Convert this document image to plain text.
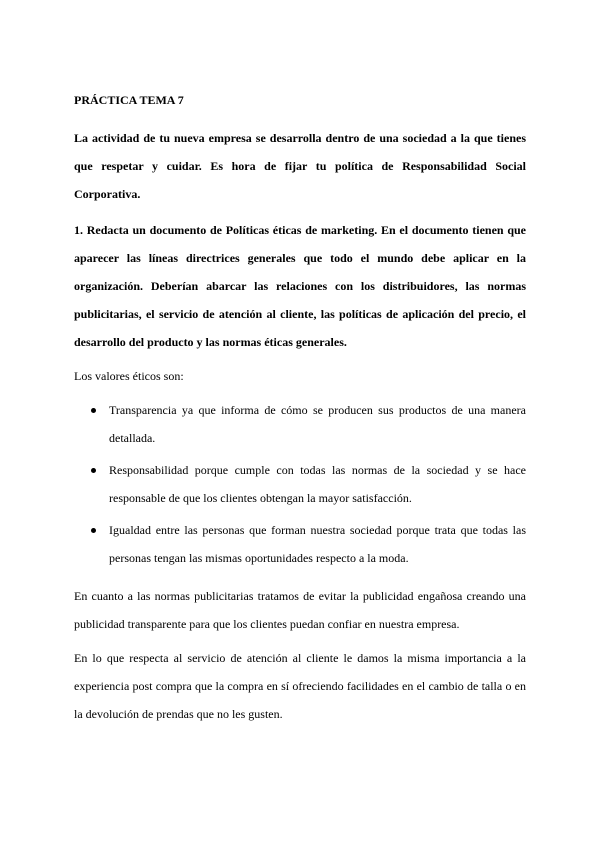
PRÁCTICA TEMA 7

La actividad de tu nueva empresa se desarrolla dentro de una sociedad a la que tienes que respetar y cuidar. Es hora de fijar tu política de Responsabilidad Social Corporativa.

1. Redacta un documento de Políticas éticas de marketing. En el documento tienen que aparecer las líneas directrices generales que todo el mundo debe aplicar en la organización. Deberían abarcar las relaciones con los distribuidores, las normas publicitarias, el servicio de atención al cliente, las políticas de aplicación del precio, el desarrollo del producto y las normas éticas generales.

Los valores éticos son:

Transparencia ya que informa de cómo se producen sus productos de una manera detallada.
Responsabilidad porque cumple con todas las normas de la sociedad y se hace responsable de que los clientes obtengan la mayor satisfacción.
Igualdad entre las personas que forman nuestra sociedad porque trata que todas las personas tengan las mismas oportunidades respecto a la moda.

En cuanto a las normas publicitarias tratamos de evitar la publicidad engañosa creando una publicidad transparente para que los clientes puedan confiar en nuestra empresa.

En lo que respecta al servicio de atención al cliente le damos la misma importancia a la experiencia post compra que la compra en sí ofreciendo facilidades en el cambio de talla o en la devolución de prendas que no les gusten.
